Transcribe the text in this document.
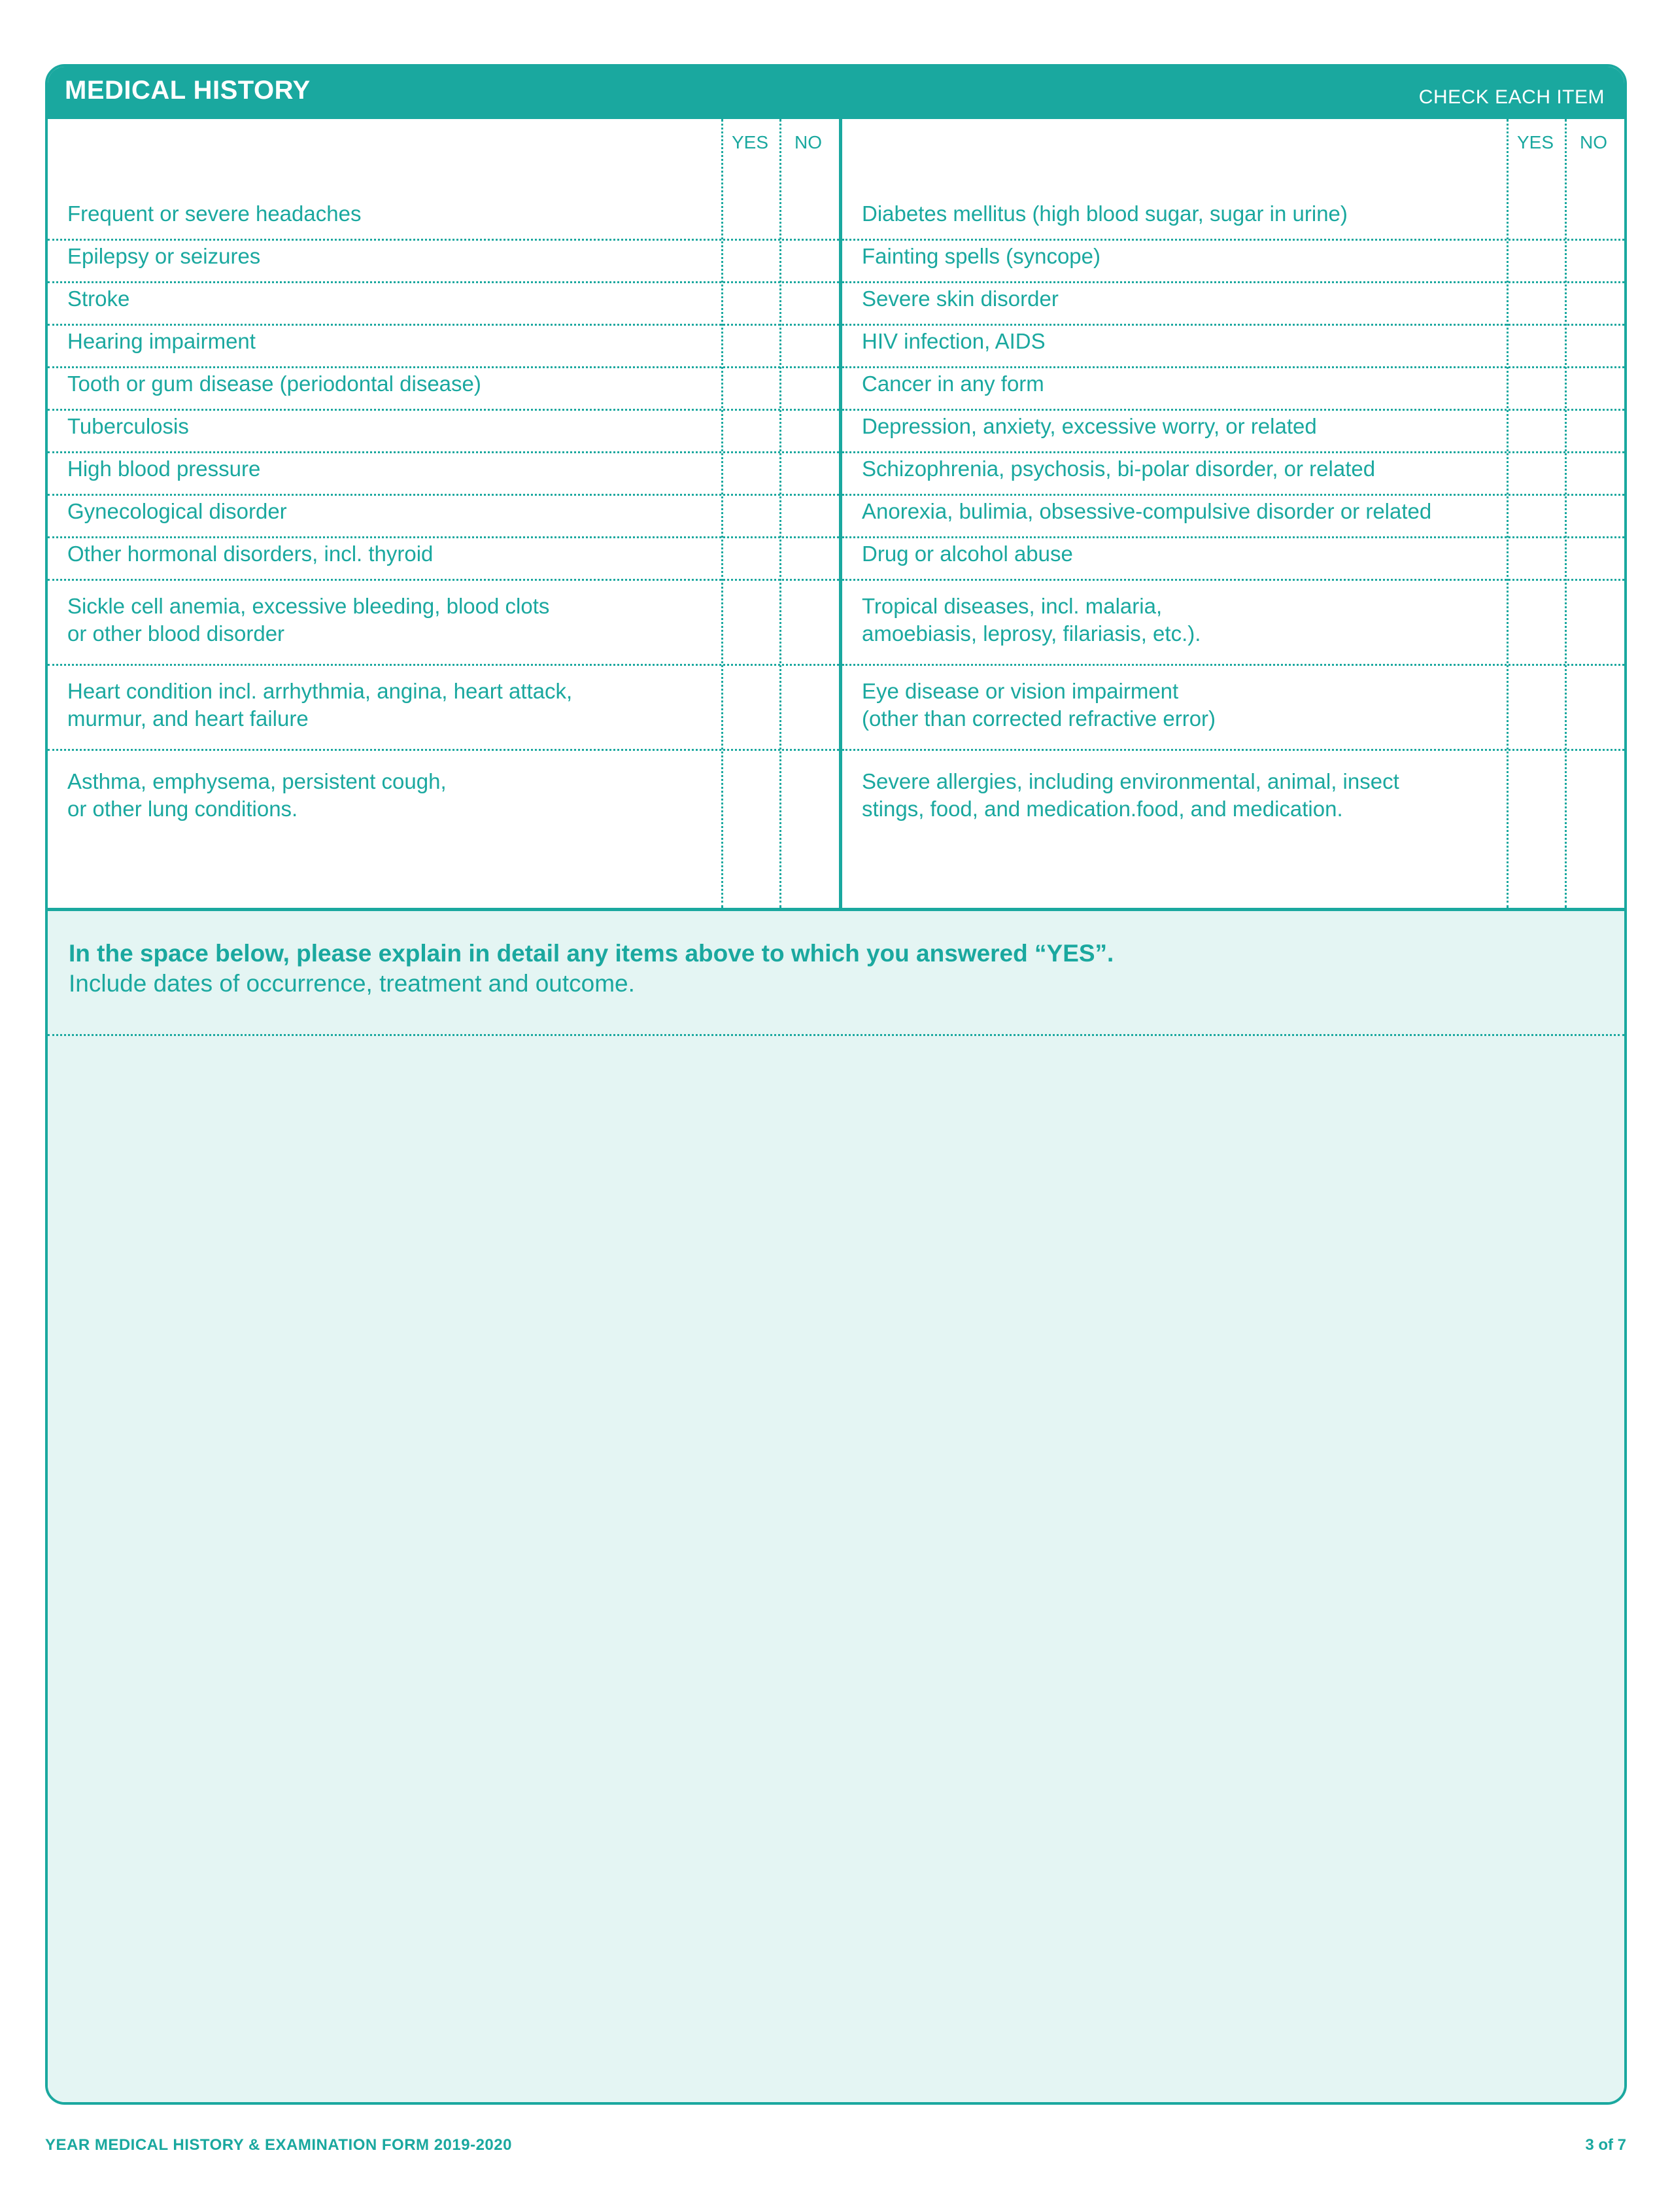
MEDICAL HISTORY	CHECK EACH ITEM
YES	NO
Frequent or severe headaches
Epilepsy or seizures
Stroke
Hearing impairment
Tooth or gum disease (periodontal disease)
Tuberculosis
High blood pressure
Gynecological disorder
Other hormonal disorders, incl. thyroid
Sickle cell anemia, excessive bleeding, blood clots
or other blood disorder
Heart condition incl. arrhythmia, angina, heart attack,
murmur, and heart failure
Asthma, emphysema, persistent cough,
or other lung conditions.
YES	NO
Diabetes mellitus (high blood sugar, sugar in urine)
Fainting spells (syncope)
Severe skin disorder
HIV infection, AIDS
Cancer in any form
Depression, anxiety, excessive worry, or related
Schizophrenia, psychosis, bi-polar disorder, or related
Anorexia, bulimia, obsessive-compulsive disorder or related
Drug or alcohol abuse
Tropical diseases, incl. malaria,
amoebiasis, leprosy, filariasis, etc.).
Eye disease or vision impairment
(other than corrected refractive error)
Severe allergies, including environmental, animal, insect
stings, food, and medication.food, and medication.
In the space below, please explain in detail any items above to which you answered “YES”.
Include dates of occurrence, treatment and outcome.
YEAR MEDICAL HISTORY & EXAMINATION FORM 2019-2020	3 of 7
